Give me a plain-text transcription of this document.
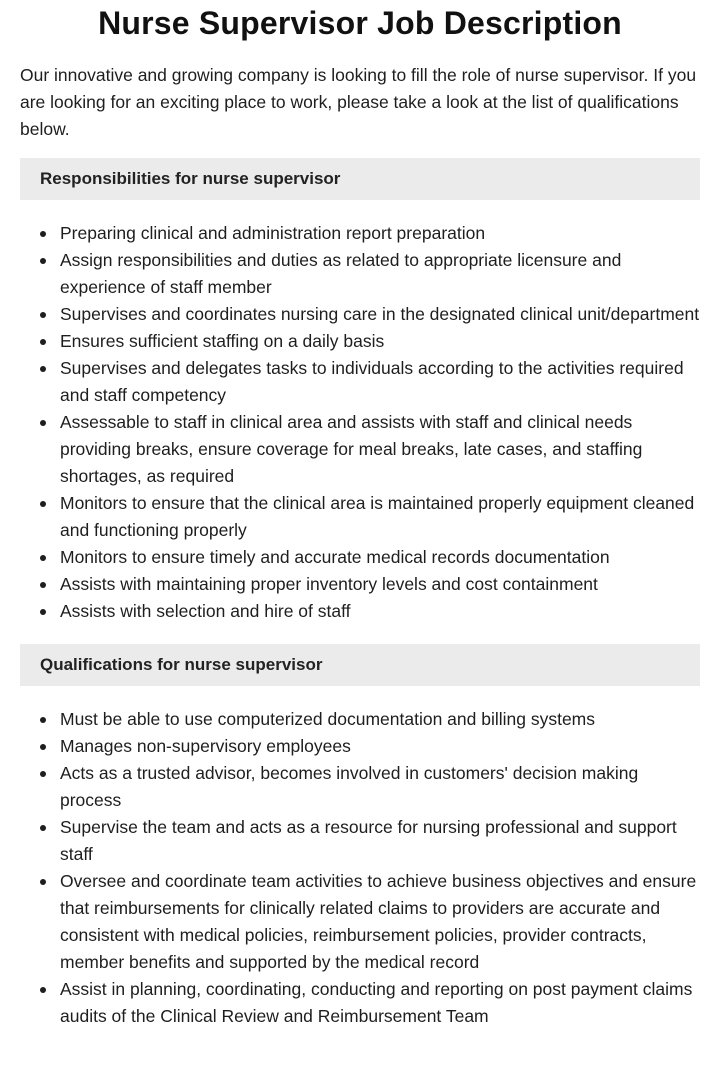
Nurse Supervisor Job Description

Our innovative and growing company is looking to fill the role of nurse supervisor. If you are looking for an exciting place to work, please take a look at the list of qualifications below.

Responsibilities for nurse supervisor
Preparing clinical and administration report preparation
Assign responsibilities and duties as related to appropriate licensure and experience of staff member
Supervises and coordinates nursing care in the designated clinical unit/department
Ensures sufficient staffing on a daily basis
Supervises and delegates tasks to individuals according to the activities required and staff competency
Assessable to staff in clinical area and assists with staff and clinical needs providing breaks, ensure coverage for meal breaks, late cases, and staffing shortages, as required
Monitors to ensure that the clinical area is maintained properly equipment cleaned and functioning properly
Monitors to ensure timely and accurate medical records documentation
Assists with maintaining proper inventory levels and cost containment
Assists with selection and hire of staff
Qualifications for nurse supervisor
Must be able to use computerized documentation and billing systems
Manages non-supervisory employees
Acts as a trusted advisor, becomes involved in customers' decision making process
Supervise the team and acts as a resource for nursing professional and support staff
Oversee and coordinate team activities to achieve business objectives and ensure that reimbursements for clinically related claims to providers are accurate and consistent with medical policies, reimbursement policies, provider contracts, member benefits and supported by the medical record
Assist in planning, coordinating, conducting and reporting on post payment claims audits of the Clinical Review and Reimbursement Team
